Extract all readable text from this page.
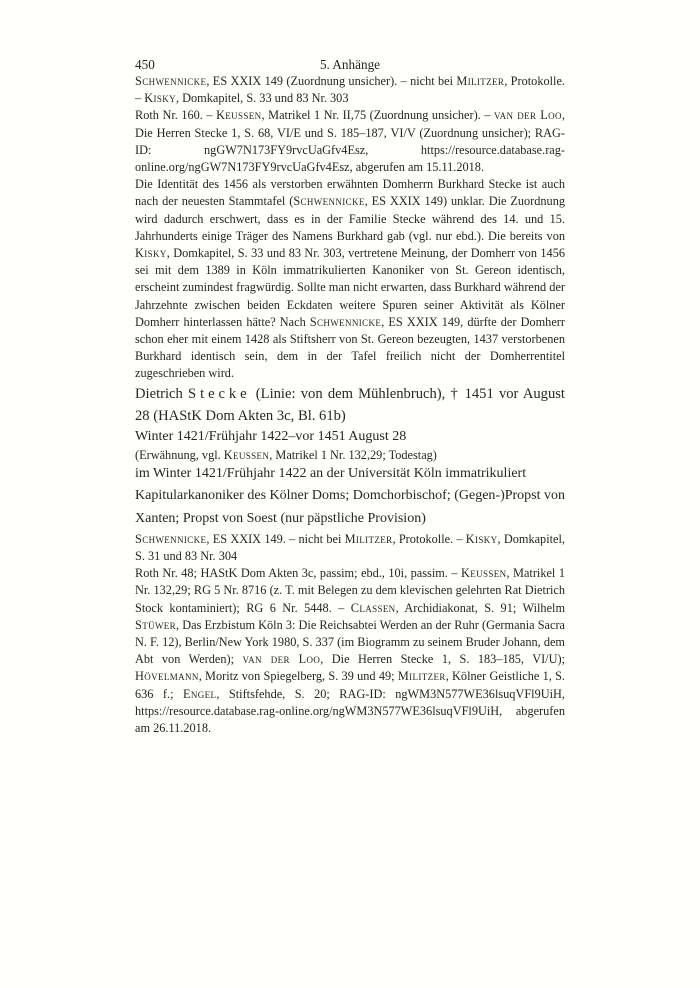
450	5. Anhänge

Schwennicke, ES XXIX 149 (Zuordnung unsicher). – nicht bei Militzer, Protokolle. – Kisky, Domkapitel, S. 33 und 83 Nr. 303

Roth Nr. 160. – Keussen, Matrikel 1 Nr. II,75 (Zuordnung unsicher). – van der Loo, Die Herren Stecke 1, S. 68, VI/E und S. 185–187, VI/V (Zuordnung unsicher); RAG-ID: ngGW7N173FY9rvcUaGfv4Esz, https://resource.database.rag-online.org/ngGW7N173FY9rvcUaGfv4Esz, abgerufen am 15.11.2018.

Die Identität des 1456 als verstorben erwähnten Domherrn Burkhard Stecke ist auch nach der neuesten Stammtafel (Schwennicke, ES XXIX 149) unklar. Die Zuordnung wird dadurch erschwert, dass es in der Familie Stecke während des 14. und 15. Jahrhunderts einige Träger des Namens Burkhard gab (vgl. nur ebd.). Die bereits von Kisky, Domkapitel, S. 33 und 83 Nr. 303, vertretene Meinung, der Domherr von 1456 sei mit dem 1389 in Köln immatrikulierten Kanoniker von St. Gereon identisch, erscheint zumindest fragwürdig. Sollte man nicht erwarten, dass Burkhard während der Jahrzehnte zwischen beiden Eckdaten weitere Spuren seiner Aktivität als Kölner Domherr hinterlassen hätte? Nach Schwennicke, ES XXIX 149, dürfte der Domherr schon eher mit einem 1428 als Stiftsherr von St. Gereon bezeugten, 1437 verstorbenen Burkhard identisch sein, dem in der Tafel freilich nicht der Domherrentitel zugeschrieben wird.

Dietrich Stecke (Linie: von dem Mühlenbruch), † 1451 vor August 28 (HAStK Dom Akten 3c, Bl. 61b)

Winter 1421/Frühjahr 1422–vor 1451 August 28

(Erwähnung, vgl. Keussen, Matrikel 1 Nr. 132,29; Todestag)

im Winter 1421/Frühjahr 1422 an der Universität Köln immatrikuliert

Kapitularkanoniker des Kölner Doms; Domchorbischof; (Gegen-)Propst von Xanten; Propst von Soest (nur päpstliche Provision)

Schwennicke, ES XXIX 149. – nicht bei Militzer, Protokolle. – Kisky, Domkapitel, S. 31 und 83 Nr. 304

Roth Nr. 48; HAStK Dom Akten 3c, passim; ebd., 10i, passim. – Keussen, Matrikel 1 Nr. 132,29; RG 5 Nr. 8716 (z. T. mit Belegen zu dem klevischen gelehrten Rat Dietrich Stock kontaminiert); RG 6 Nr. 5448. – Classen, Archidiakonat, S. 91; Wilhelm Stüwer, Das Erzbistum Köln 3: Die Reichsabtei Werden an der Ruhr (Germania Sacra N. F. 12), Berlin/New York 1980, S. 337 (im Biogramm zu seinem Bruder Johann, dem Abt von Werden); van der Loo, Die Herren Stecke 1, S. 183–185, VI/U); Hövelmann, Moritz von Spiegelberg, S. 39 und 49; Militzer, Kölner Geistliche 1, S. 636 f.; Engel, Stiftsfehde, S. 20; RAG-ID: ngWM3N577WE36lsuqVFl9UiH, https://resource.database.rag-online.org/ngWM3N577WE36lsuqVFl9UiH, abgerufen am 26.11.2018.
